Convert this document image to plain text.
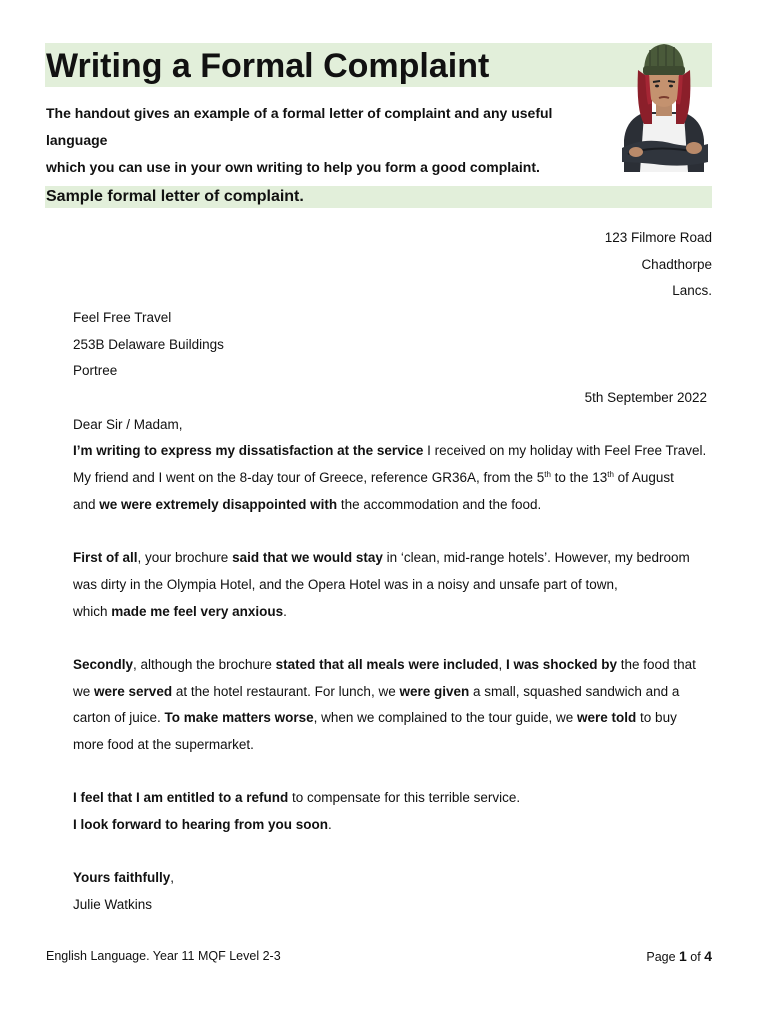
Writing a Formal Complaint
The handout gives an example of a formal letter of complaint and any useful language
which you can use in your own writing to help you form a good complaint.
Sample formal letter of complaint.
123 Filmore Road
Chadthorpe
Lancs.
Feel Free Travel
253B Delaware Buildings
Portree
5th September 2022
Dear Sir / Madam,
I’m writing to express my dissatisfaction at the service I received on my holiday with Feel Free Travel.
My friend and I went on the 8-day tour of Greece, reference GR36A, from the 5th to the 13th of August
and we were extremely disappointed with the accommodation and the food.
First of all, your brochure said that we would stay in ‘clean, mid-range hotels’. However, my bedroom
was dirty in the Olympia Hotel, and the Opera Hotel was in a noisy and unsafe part of town,
which made me feel very anxious.
Secondly, although the brochure stated that all meals were included, I was shocked by the food that
we were served at the hotel restaurant. For lunch, we were given a small, squashed sandwich and a
carton of juice. To make matters worse, when we complained to the tour guide, we were told to buy
more food at the supermarket.
I feel that I am entitled to a refund to compensate for this terrible service.
I look forward to hearing from you soon.
Yours faithfully,
Julie Watkins
English Language. Year 11 MQF Level 2-3	Page 1 of 4
